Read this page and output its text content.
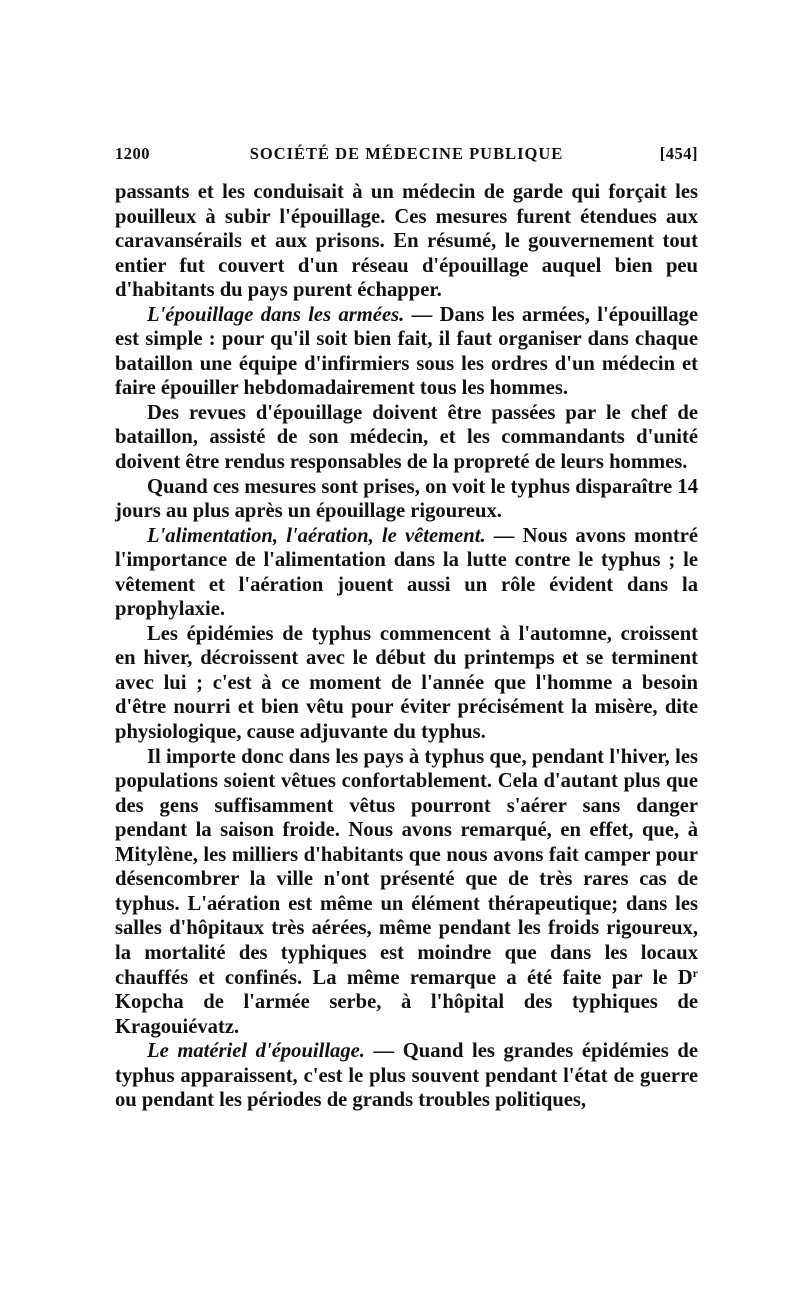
1200	SOCIÉTÉ DE MÉDECINE PUBLIQUE	[454]

passants et les conduisait à un médecin de garde qui forçait les pouilleux à subir l'épouillage. Ces mesures furent étendues aux caravansérails et aux prisons. En résumé, le gouvernement tout entier fut couvert d'un réseau d'épouillage auquel bien peu d'habitants du pays purent échapper.

L'épouillage dans les armées. — Dans les armées, l'épouillage est simple : pour qu'il soit bien fait, il faut organiser dans chaque bataillon une équipe d'infirmiers sous les ordres d'un médecin et faire épouiller hebdomadairement tous les hommes.

Des revues d'épouillage doivent être passées par le chef de bataillon, assisté de son médecin, et les commandants d'unité doivent être rendus responsables de la propreté de leurs hommes.

Quand ces mesures sont prises, on voit le typhus disparaître 14 jours au plus après un épouillage rigoureux.

L'alimentation, l'aération, le vêtement. — Nous avons montré l'importance de l'alimentation dans la lutte contre le typhus ; le vêtement et l'aération jouent aussi un rôle évident dans la prophylaxie.

Les épidémies de typhus commencent à l'automne, croissent en hiver, décroissent avec le début du printemps et se terminent avec lui ; c'est à ce moment de l'année que l'homme a besoin d'être nourri et bien vêtu pour éviter précisément la misère, dite physiologique, cause adjuvante du typhus.

Il importe donc dans les pays à typhus que, pendant l'hiver, les populations soient vêtues confortablement. Cela d'autant plus que des gens suffisamment vêtus pourront s'aérer sans danger pendant la saison froide. Nous avons remarqué, en effet, que, à Mitylène, les milliers d'habitants que nous avons fait camper pour désencombrer la ville n'ont présenté que de très rares cas de typhus. L'aération est même un élément thérapeutique; dans les salles d'hôpitaux très aérées, même pendant les froids rigoureux, la mortalité des typhiques est moindre que dans les locaux chauffés et confinés. La même remarque a été faite par le $D^r$ Kopcha de l'armée serbe, à l'hôpital des typhiques de Kragouiévatz.

Le matériel d'épouillage. — Quand les grandes épidémies de typhus apparaissent, c'est le plus souvent pendant l'état de guerre ou pendant les périodes de grands troubles politiques,
